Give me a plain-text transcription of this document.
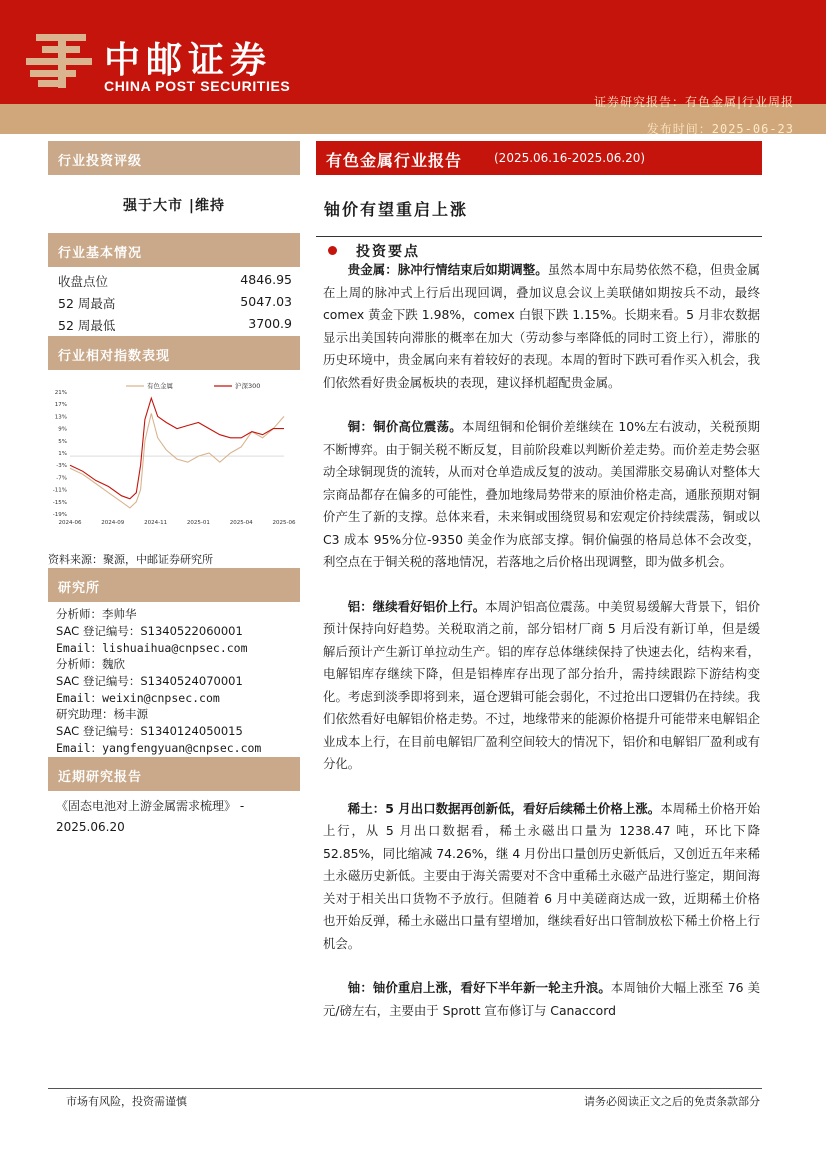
中邮证券
CHINA POST SECURITIES
证券研究报告：有色金属|行业周报
发布时间：2025-06-23
行业投资评级
强于大市 |维持
行业基本情况
收盘点位	4846.95
52 周最高	5047.03
52 周最低	3700.9
行业相对指数表现
21%
17%
13%
9%
5%
1%
-3%
-7%
-11%
-15%
-19%
2024-06	2024-09	2024-11	2025-01	2025-04	2025-06
有色金属	沪深300
资料来源：聚源，中邮证券研究所
研究所
分析师：李帅华
SAC 登记编号：S1340522060001
Email：lishuaihua@cnpsec.com
分析师：魏欣
SAC 登记编号：S1340524070001
Email：weixin@cnpsec.com
研究助理：杨丰源
SAC 登记编号：S1340124050015
Email：yangfengyuan@cnpsec.com
近期研究报告
《固态电池对上游金属需求梳理》 -
2025.06.20
有色金属行业报告	(2025.06.16-2025.06.20)
铀价有望重启上涨
投资要点

贵金属：脉冲行情结束后如期调整。虽然本周中东局势依然不稳，但贵金属在上周的脉冲式上行后出现回调，叠加议息会议上美联储如期按兵不动，最终 comex 黄金下跌 1.98%，comex 白银下跌 1.15%。长期来看。5 月非农数据显示出美国转向滞胀的概率在加大（劳动参与率降低的同时工资上行），滞胀的历史环境中，贵金属向来有着较好的表现。本周的暂时下跌可看作买入机会，我们依然看好贵金属板块的表现，建议择机超配贵金属。

铜：铜价高位震荡。本周纽铜和伦铜价差继续在 10%左右波动，关税预期不断博弈。由于铜关税不断反复，目前阶段难以判断价差走势。而价差走势会驱动全球铜现货的流转，从而对仓单造成反复的波动。美国滞胀交易确认对整体大宗商品都存在偏多的可能性，叠加地缘局势带来的原油价格走高，通胀预期对铜价产生了新的支撑。总体来看，未来铜或围绕贸易和宏观定价持续震荡，铜或以 C3 成本 95%分位-9350 美金作为底部支撑。铜价偏强的格局总体不会改变，利空点在于铜关税的落地情况，若落地之后价格出现调整，即为做多机会。

铝：继续看好铝价上行。本周沪铝高位震荡。中美贸易缓解大背景下，铝价预计保持向好趋势。关税取消之前，部分铝材厂商 5 月后没有新订单，但是缓解后预计产生新订单拉动生产。铝的库存总体继续保持了快速去化，结构来看，电解铝库存继续下降，但是铝棒库存出现了部分抬升，需持续跟踪下游结构变化。考虑到淡季即将到来，逼仓逻辑可能会弱化，不过抢出口逻辑仍在持续。我们依然看好电解铝价格走势。不过，地缘带来的能源价格提升可能带来电解铝企业成本上行，在目前电解铝厂盈利空间较大的情况下，铝价和电解铝厂盈利或有分化。

稀土：5 月出口数据再创新低，看好后续稀土价格上涨。本周稀土价格开始上行，从 5 月出口数据看，稀土永磁出口量为 1238.47 吨，环比下降 52.85%，同比缩减 74.26%，继 4 月份出口量创历史新低后，又创近五年来稀土永磁历史新低。主要由于海关需要对不含中重稀土永磁产品进行鉴定，期间海关对于相关出口货物不予放行。但随着 6 月中美磋商达成一致，近期稀土价格也开始反弹，稀土永磁出口量有望增加，继续看好出口管制放松下稀土价格上行机会。

铀：铀价重启上涨，看好下半年新一轮主升浪。本周铀价大幅上涨至 76 美元/磅左右，主要由于 Sprott 宣布修订与 Canaccord

市场有风险，投资需谨慎	请务必阅读正文之后的免责条款部分
